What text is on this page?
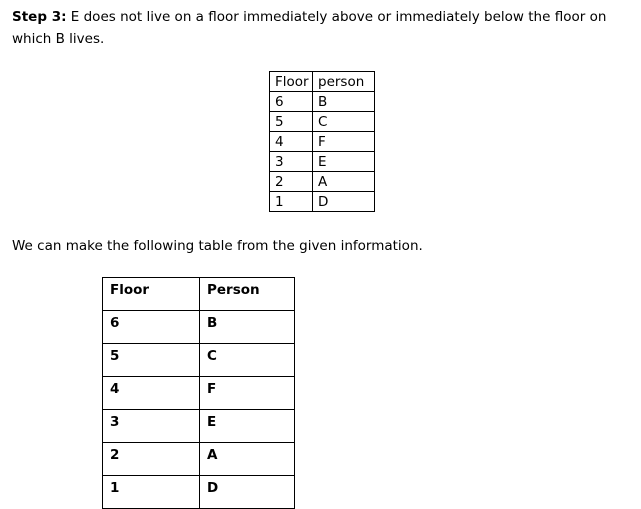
Step 3: E does not live on a floor immediately above or immediately below the floor on which B lives.

Floor	person
6	B
5	C
4	F
3	E
2	A
1	D

We can make the following table from the given information.

Floor	Person
6	B
5	C
4	F
3	E
2	A
1	D
